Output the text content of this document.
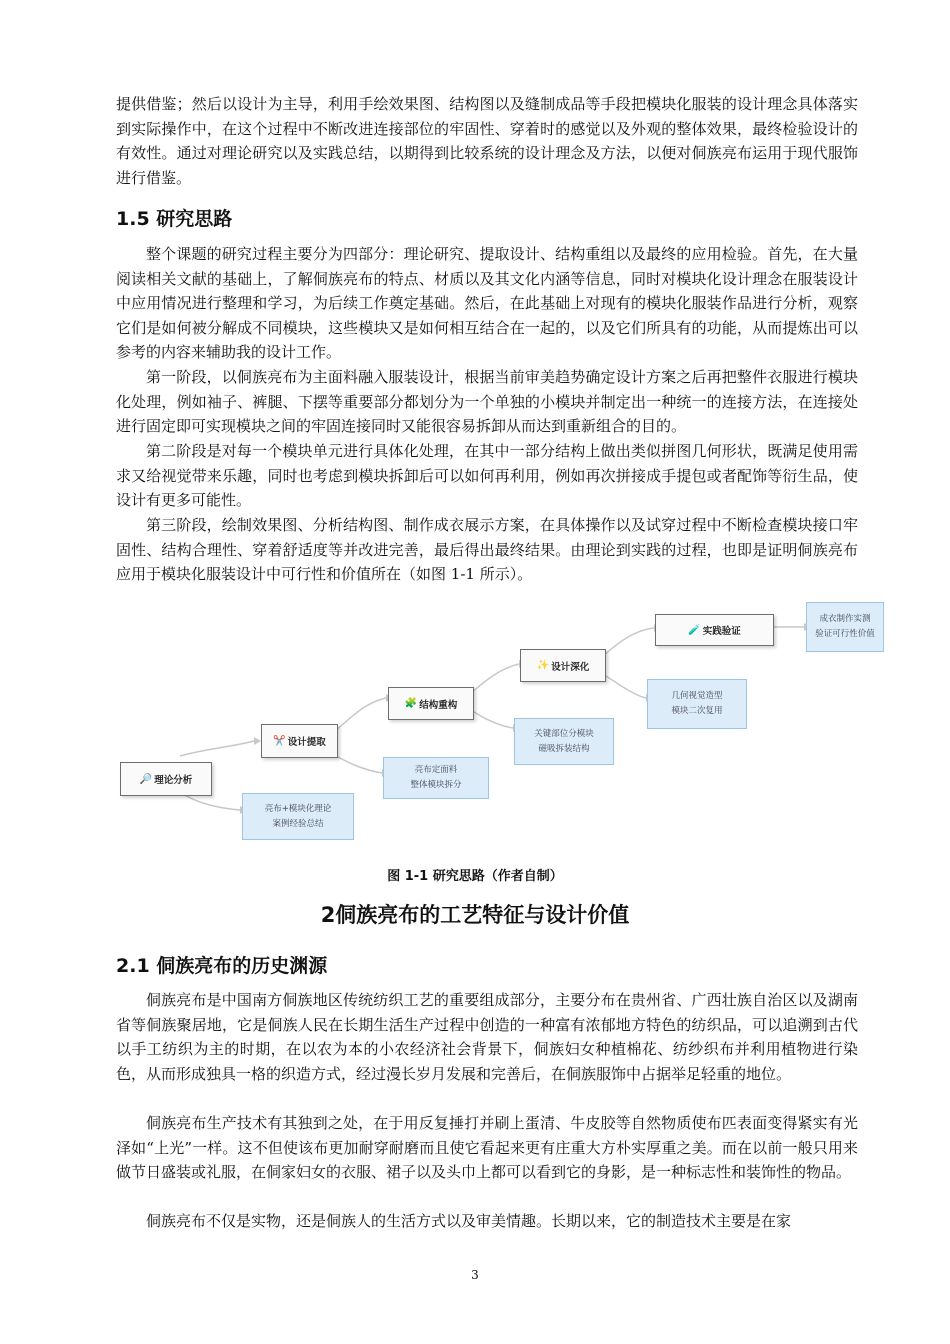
提供借鉴；然后以设计为主导，利用手绘效果图、结构图以及缝制成品等手段把模块化服装的设计理念具体落实到实际操作中，在这个过程中不断改进连接部位的牢固性、穿着时的感觉以及外观的整体效果，最终检验设计的有效性。通过对理论研究以及实践总结，以期得到比较系统的设计理念及方法，以便对侗族亮布运用于现代服饰进行借鉴。

1.5 研究思路

整个课题的研究过程主要分为四部分：理论研究、提取设计、结构重组以及最终的应用检验。首先，在大量阅读相关文献的基础上，了解侗族亮布的特点、材质以及其文化内涵等信息，同时对模块化设计理念在服装设计中应用情况进行整理和学习，为后续工作奠定基础。然后，在此基础上对现有的模块化服装作品进行分析，观察它们是如何被分解成不同模块，这些模块又是如何相互结合在一起的，以及它们所具有的功能，从而提炼出可以参考的内容来辅助我的设计工作。

第一阶段，以侗族亮布为主面料融入服装设计，根据当前审美趋势确定设计方案之后再把整件衣服进行模块化处理，例如袖子、裤腿、下摆等重要部分都划分为一个单独的小模块并制定出一种统一的连接方法，在连接处进行固定即可实现模块之间的牢固连接同时又能很容易拆卸从而达到重新组合的目的。

第二阶段是对每一个模块单元进行具体化处理，在其中一部分结构上做出类似拼图几何形状，既满足使用需求又给视觉带来乐趣，同时也考虑到模块拆卸后可以如何再利用，例如再次拼接成手提包或者配饰等衍生品，使设计有更多可能性。

第三阶段，绘制效果图、分析结构图、制作成衣展示方案，在具体操作以及试穿过程中不断检查模块接口牢固性、结构合理性、穿着舒适度等并改进完善，最后得出最终结果。由理论到实践的过程，也即是证明侗族亮布应用于模块化服装设计中可行性和价值所在（如图 1-1 所示）。

🔎 理论分析
✂️ 设计提取
🧩 结构重构
✨ 设计深化
🧪 实践验证
亮布+模块化理论
案例经验总结
亮布定面料
整体模块拆分
关键部位分模块
磁吸拆装结构
几何视觉造型
模块二次复用
成衣制作实测
验证可行性价值

图 1-1 研究思路（作者自制）

2侗族亮布的工艺特征与设计价值
2.1 侗族亮布的历史渊源

侗族亮布是中国南方侗族地区传统纺织工艺的重要组成部分，主要分布在贵州省、广西壮族自治区以及湖南省等侗族聚居地，它是侗族人民在长期生活生产过程中创造的一种富有浓郁地方特色的纺织品，可以追溯到古代以手工纺织为主的时期，在以农为本的小农经济社会背景下，侗族妇女种植棉花、纺纱织布并利用植物进行染色，从而形成独具一格的织造方式，经过漫长岁月发展和完善后，在侗族服饰中占据举足轻重的地位。

侗族亮布生产技术有其独到之处，在于用反复捶打并刷上蛋清、牛皮胶等自然物质使布匹表面变得紧实有光泽如“上光”一样。这不但使该布更加耐穿耐磨而且使它看起来更有庄重大方朴实厚重之美。而在以前一般只用来做节日盛装或礼服，在侗家妇女的衣服、裙子以及头巾上都可以看到它的身影，是一种标志性和装饰性的物品。

侗族亮布不仅是实物，还是侗族人的生活方式以及审美情趣。长期以来，它的制造技术主要是在家

3
